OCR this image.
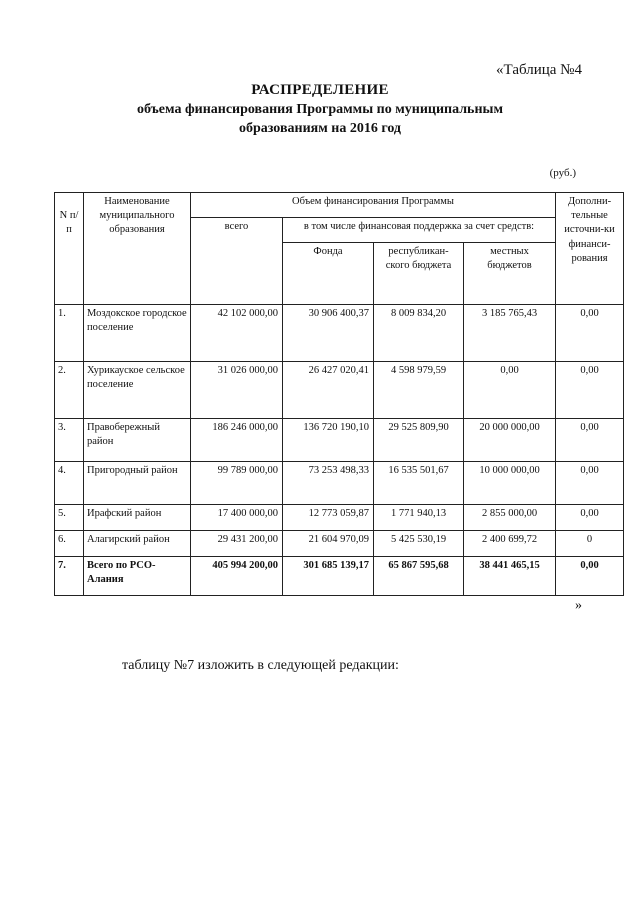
«Таблица №4
РАСПРЕДЕЛЕНИЕ
объема финансирования Программы по муниципальным
образованиям на 2016 год
(руб.)
N п/п	Наименование муниципального образования	Объем финансирования Программы				Дополни-тельные источни-ки финанси-рования
		всего	в том числе финансовая поддержка за счет средств:			
			Фонда	республикан-ского бюджета	местных бюджетов	
1.	Моздокское городское поселение	42 102 000,00	30 906 400,37	8 009 834,20	3 185 765,43	0,00
2.	Хурикауское сельское поселение	31 026 000,00	26 427 020,41	4 598 979,59	0,00	0,00
3.	Правобережный район	186 246 000,00	136 720 190,10	29 525 809,90	20 000 000,00	0,00
4.	Пригородный район	99 789 000,00	73 253 498,33	16 535 501,67	10 000 000,00	0,00
5.	Ирафский район	17 400 000,00	12 773 059,87	1 771 940,13	2 855 000,00	0,00
6.	Алагирский район	29 431 200,00	21 604 970,09	5 425 530,19	2 400 699,72	0
7.	Всего по РСО-Алания	405 994 200,00	301 685 139,17	65 867 595,68	38 441 465,15	0,00
»
таблицу №7 изложить в следующей редакции:
